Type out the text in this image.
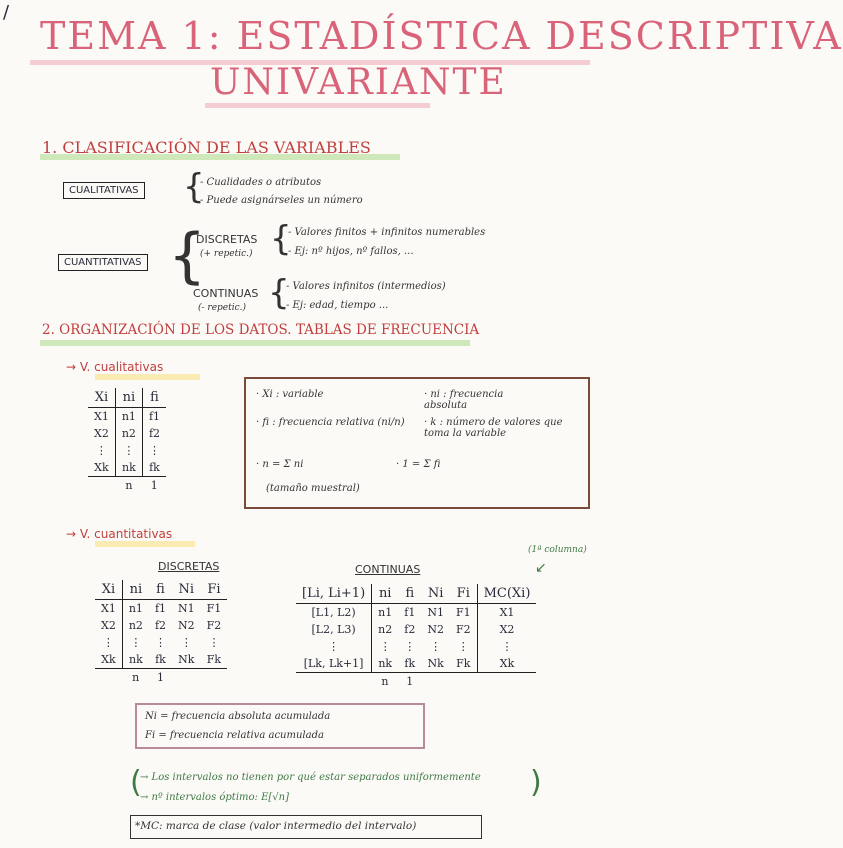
/
TEMA 1: ESTADÍSTICA DESCRIPTIVA
UNIVARIANTE
1. CLASIFICACIÓN DE LAS VARIABLES
CUALITATIVAS {
- Cualidades o atributos
- Puede asignárseles un número
CUANTITATIVAS {
DISCRETAS
(+ repetic.) {
- Valores finitos + infinitos numerables
- Ej: nº hijos, nº fallos, ...
CONTINUAS
(- repetic.) {
- Valores infinitos (intermedios)
- Ej: edad, tiempo ...
2. ORGANIZACIÓN DE LOS DATOS. TABLAS DE FRECUENCIA
→ V. cualitativas
Xi	ni	fi
X1	n1	f1
X2	n2	f2
⋮	⋮	⋮
Xk	nk	fk
	n	1
· Xi : variable	· ni : frecuencia absoluta
· fi : frecuencia relativa (ni/n) · k : número de valores que toma la variable
· n = Σ ni	· 1 = Σ fi
(tamaño muestral)
→ V. cuantitativas
DISCRETAS
Xi	ni	fi	Ni	Fi
X1	n1	f1	N1	F1
X2	n2	f2	N2	F2
⋮	⋮	⋮	⋮	⋮
Xk	nk	fk	Nk	Fk
	n	1		
CONTINUAS
(1ª columna)
↙
[Li, Li+1)	ni	fi	Ni	Fi	MC(Xi)
[L1, L2)	n1	f1	N1	F1	X1
[L2, L3)	n2	f2	N2	F2	X2
⋮	⋮	⋮	⋮	⋮	⋮
[Lk, Lk+1]	nk	fk	Nk	Fk	Xk
	n	1			
Ni = frecuencia absoluta acumulada
Fi = frecuencia relativa acumulada
(
→ Los intervalos no tienen por qué estar separados uniformemente
→ nº intervalos óptimo: E[√n]	)
*MC: marca de clase (valor intermedio del intervalo)
